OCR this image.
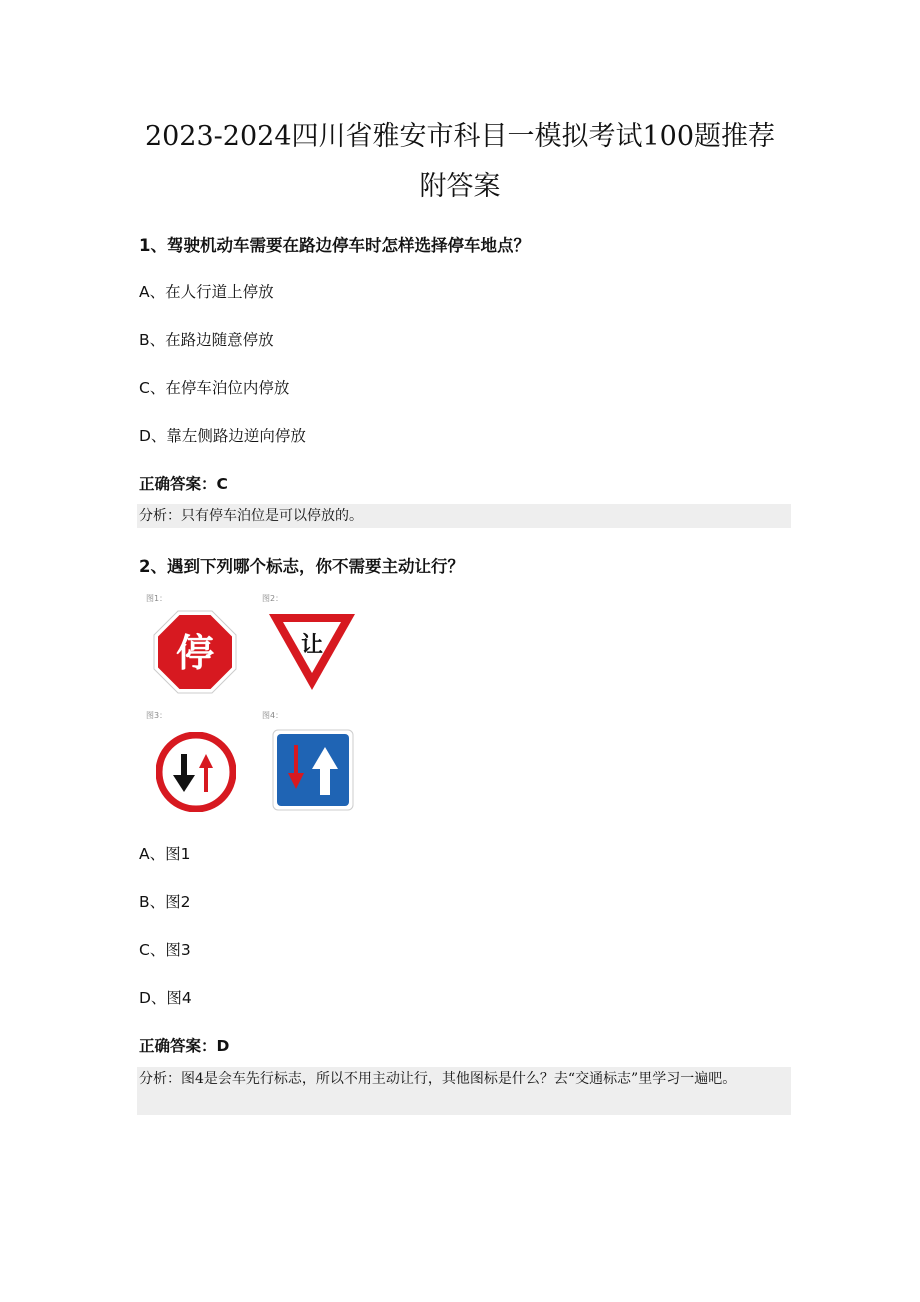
2023-2024四川省雅安市科目一模拟考试100题推荐
附答案
1、驾驶机动车需要在路边停车时怎样选择停车地点？
A、在人行道上停放
B、在路边随意停放
C、在停车泊位内停放
D、靠左侧路边逆向停放
正确答案：C
分析：只有停车泊位是可以停放的。
2、遇到下列哪个标志，你不需要主动让行？
图1：
停
图2：
让
图3：	图4：
A、图1
B、图2
C、图3
D、图4
正确答案：D
分析：图4是会车先行标志，所以不用主动让行，其他图标是什么？去“交通标志”里学习一遍吧。
